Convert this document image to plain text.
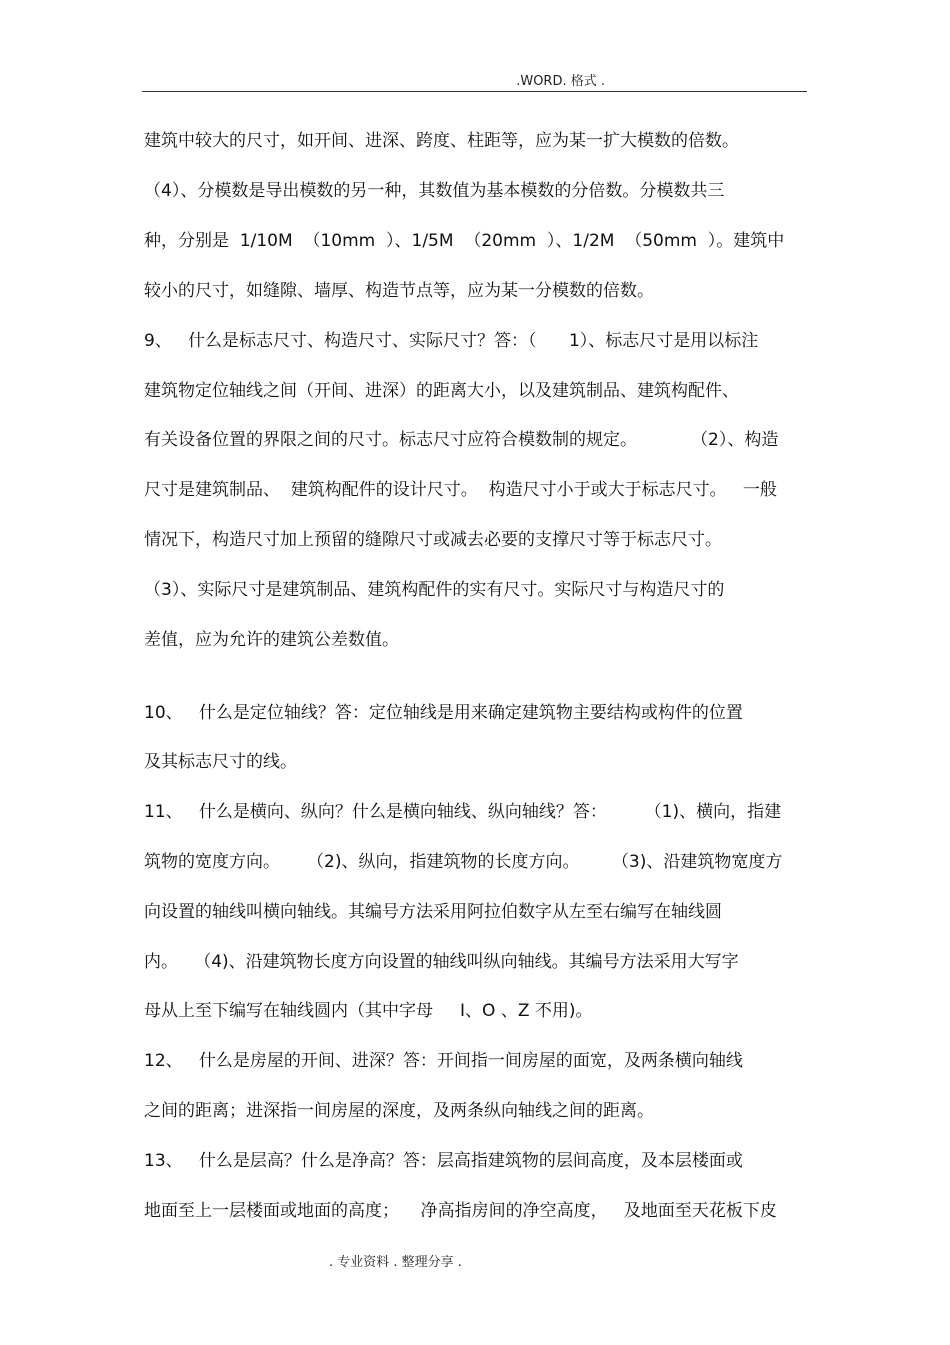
.WORD. 格式 .
建筑中较大的尺寸，如开间、进深、跨度、柱距等，应为某一扩大模数的倍数。
（4）、分模数是导出模数的另一种，其数值为基本模数的分倍数。分模数共三
种，分别是  1/10M  （10mm  ）、1/5M  （20mm  ）、1/2M  （50mm  ）。建筑中
较小的尺寸，如缝隙、墙厚、构造节点等，应为某一分模数的倍数。
9、   什么是标志尺寸、构造尺寸、实际尺寸？答：（      1）、标志尺寸是用以标注
建筑物定位轴线之间（开间、进深）的距离大小，以及建筑制品、建筑构配件、
有关设备位置的界限之间的尺寸。标志尺寸应符合模数制的规定。          （2）、构造
尺寸是建筑制品、  建筑构配件的设计尺寸。  构造尺寸小于或大于标志尺寸。   一般
情况下，构造尺寸加上预留的缝隙尺寸或减去必要的支撑尺寸等于标志尺寸。
（3）、实际尺寸是建筑制品、建筑构配件的实有尺寸。实际尺寸与构造尺寸的
差值，应为允许的建筑公差数值。
10、   什么是定位轴线？答：定位轴线是用来确定建筑物主要结构或构件的位置
及其标志尺寸的线。
11、   什么是横向、纵向？什么是横向轴线、纵向轴线？答：       （1)、横向，指建
筑物的宽度方向。     （2)、纵向，指建筑物的长度方向。      （3)、沿建筑物宽度方
向设置的轴线叫横向轴线。其编号方法采用阿拉伯数字从左至右编写在轴线圆
内。   （4)、沿建筑物长度方向设置的轴线叫纵向轴线。其编号方法采用大写字
母从上至下编写在轴线圆内（其中字母     I、O 、Z 不用)。
12、   什么是房屋的开间、进深？答：开间指一间房屋的面宽，及两条横向轴线
之间的距离；进深指一间房屋的深度，及两条纵向轴线之间的距离。
13、   什么是层高？什么是净高？答：层高指建筑物的层间高度，及本层楼面或
地面至上一层楼面或地面的高度；    净高指房间的净空高度，   及地面至天花板下皮
. 专业资料 . 整理分享 .
